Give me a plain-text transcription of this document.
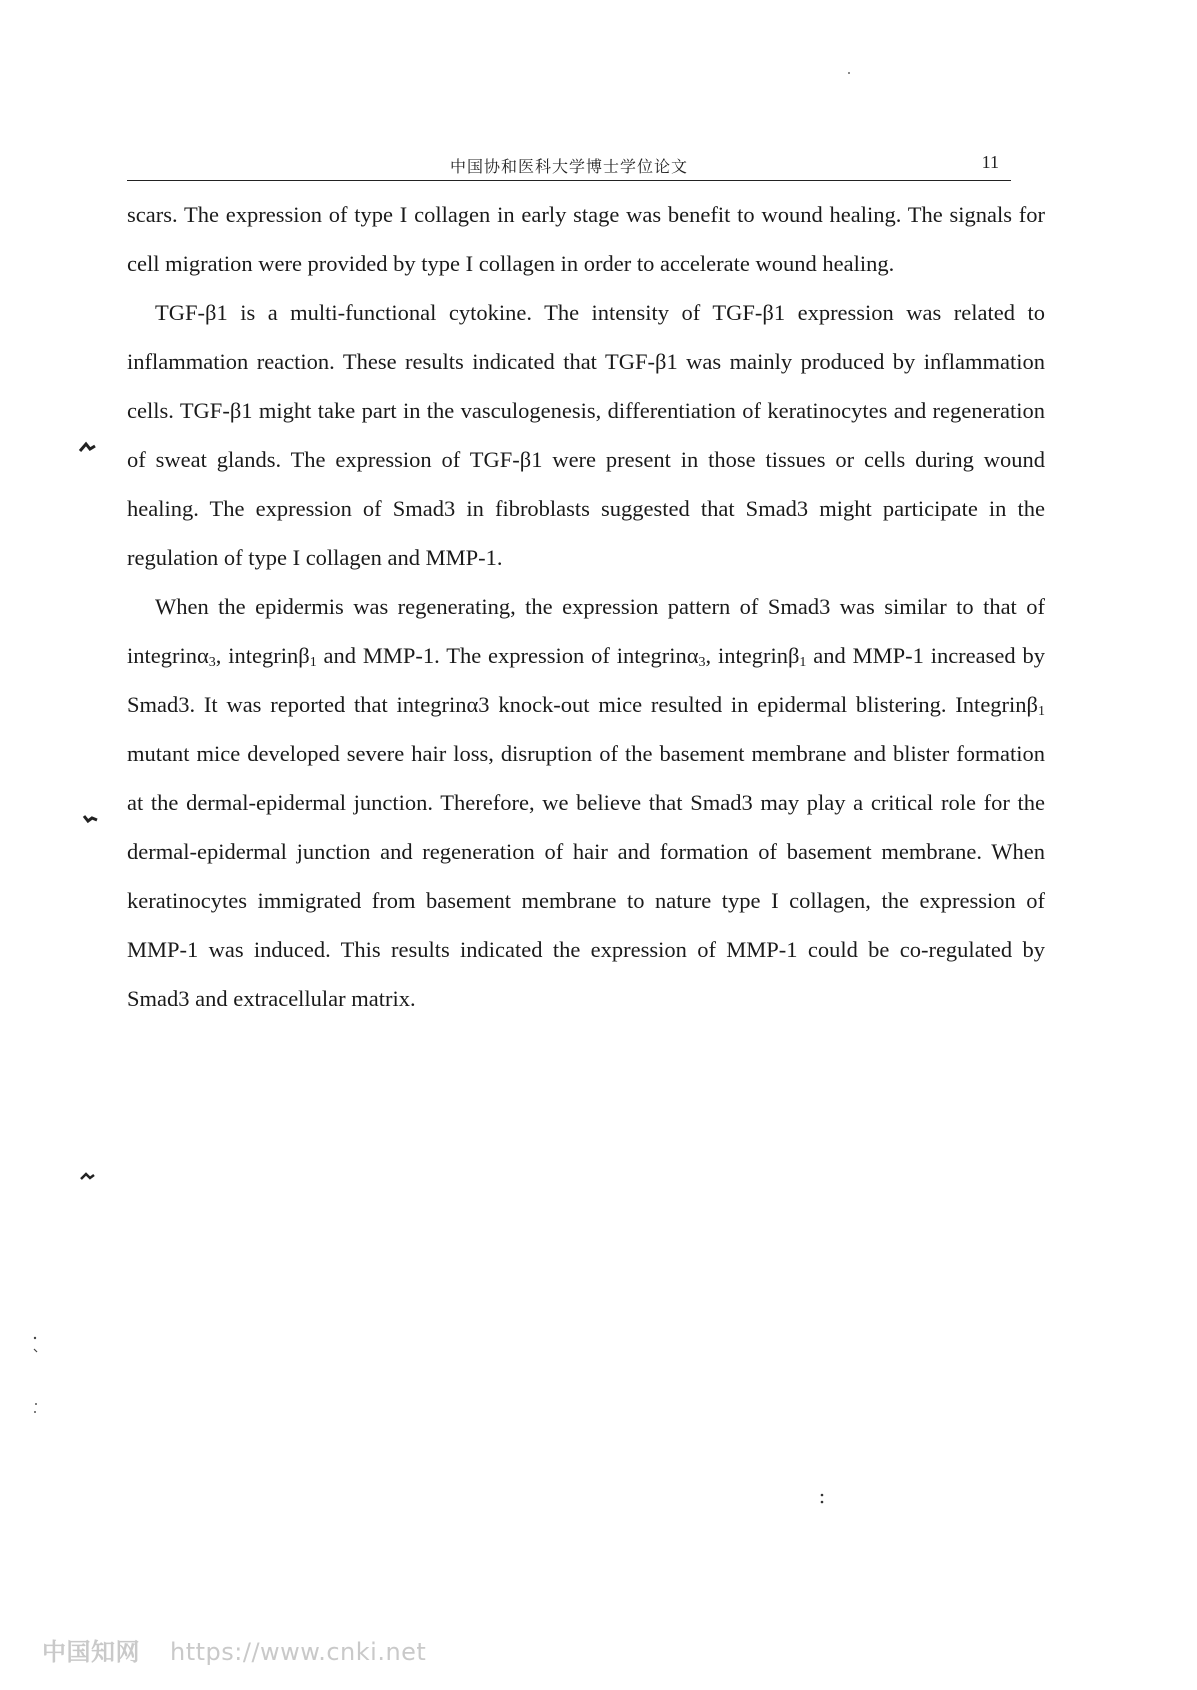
中国协和医科大学博士学位论文	11

scars. The expression of type I collagen in early stage was benefit to wound healing. The signals for cell migration were provided by type I collagen in order to accelerate wound healing.

TGF-β1 is a multi-functional cytokine. The intensity of TGF-β1 expression was related to inflammation reaction. These results indicated that TGF-β1 was mainly produced by inflammation cells. TGF-β1 might take part in the vasculogenesis, differentiation of keratinocytes and regeneration of sweat glands. The expression of TGF-β1 were present in those tissues or cells during wound healing. The expression of Smad3 in fibroblasts suggested that Smad3 might participate in the regulation of type I collagen and MMP-1.

When the epidermis was regenerating, the expression pattern of Smad3 was similar to that of integrinα$_3$, integrinβ$_1$ and MMP-1. The expression of integrinα$_3$, integrinβ$_1$ and MMP-1 increased by Smad3. It was reported that integrinα3 knock-out mice resulted in epidermal blistering. Integrinβ$_1$ mutant mice developed severe hair loss, disruption of the basement membrane and blister formation at the dermal-epidermal junction. Therefore, we believe that Smad3 may play a critical role for the dermal-epidermal junction and regeneration of hair and formation of basement membrane. When keratinocytes immigrated from basement membrane to nature type I collagen, the expression of MMP-1 was induced. This results indicated the expression of MMP-1 could be co-regulated by Smad3 and extracellular matrix.

中国知网 https://www.cnki.net
